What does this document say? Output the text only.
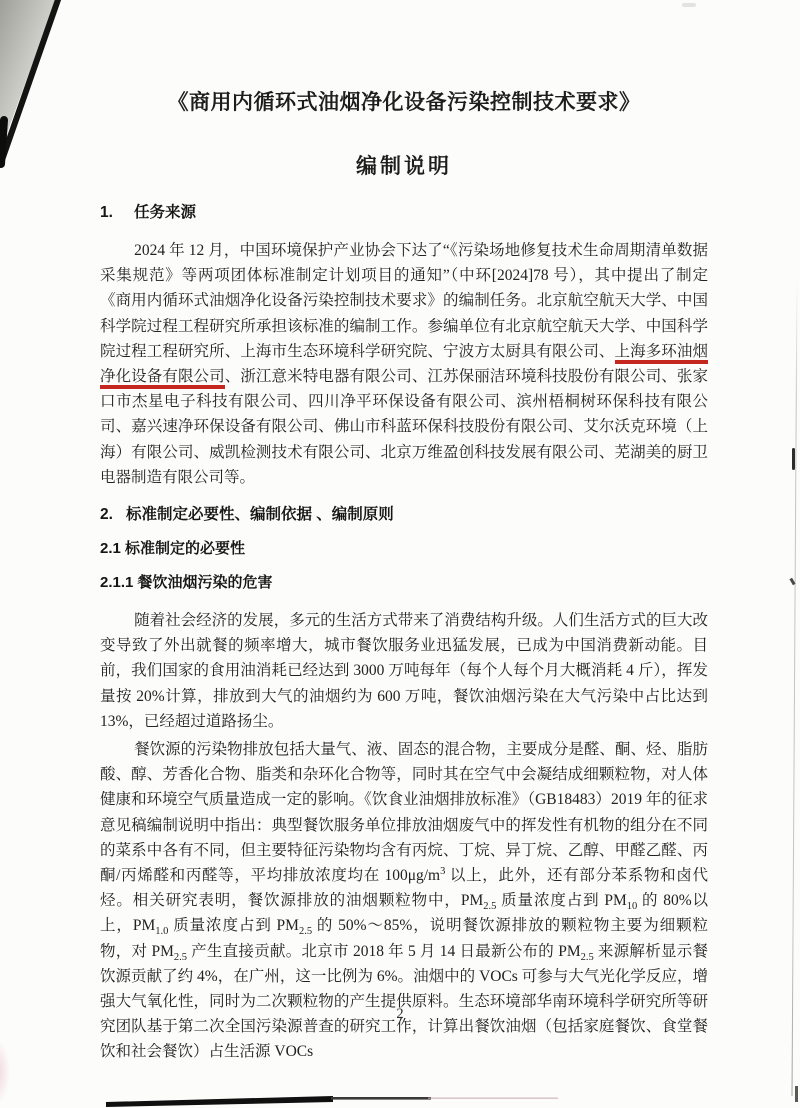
《商用内循环式油烟净化设备污染控制技术要求》
编制说明
1. 任务来源

2024 年 12 月，中国环境保护产业协会下达了“《污染场地修复技术生命周期清单数据采集规范》等两项团体标准制定计划项目的通知”（中环[2024]78 号），其中提出了制定《商用内循环式油烟净化设备污染控制技术要求》的编制任务。北京航空航天大学、中国科学院过程工程研究所承担该标准的编制工作。参编单位有北京航空航天大学、中国科学院过程工程研究所、上海市生态环境科学研究院、宁波方太厨具有限公司、上海多环油烟净化设备有限公司、浙江意米特电器有限公司、江苏保丽洁环境科技股份有限公司、张家口市杰星电子科技有限公司、四川净平环保设备有限公司、滨州梧桐树环保科技有限公司、嘉兴速净环保设备有限公司、佛山市科蓝环保科技股份有限公司、艾尔沃克环境（上海）有限公司、威凯检测技术有限公司、北京万维盈创科技发展有限公司、芜湖美的厨卫电器制造有限公司等。

2. 标准制定必要性、编制依据 、编制原则
2.1 标准制定的必要性
2.1.1 餐饮油烟污染的危害

随着社会经济的发展，多元的生活方式带来了消费结构升级。人们生活方式的巨大改变导致了外出就餐的频率增大，城市餐饮服务业迅猛发展，已成为中国消费新动能。目前，我们国家的食用油消耗已经达到 3000 万吨每年（每个人每个月大概消耗 4 斤），挥发量按 20%计算，排放到大气的油烟约为 600 万吨，餐饮油烟污染在大气污染中占比达到 13%，已经超过道路扬尘。

餐饮源的污染物排放包括大量气、液、固态的混合物，主要成分是醛、酮、烃、脂肪酸、醇、芳香化合物、脂类和杂环化合物等，同时其在空气中会凝结成细颗粒物，对人体健康和环境空气质量造成一定的影响。《饮食业油烟排放标准》（GB18483）2019 年的征求意见稿编制说明中指出：典型餐饮服务单位排放油烟废气中的挥发性有机物的组分在不同的菜系中各有不同，但主要特征污染物均含有丙烷、丁烷、异丁烷、乙醇、甲醛乙醛、丙酮/丙烯醛和丙醛等，平均排放浓度均在 $100\mu g/m^3$ 以上，此外，还有部分苯系物和卤代烃。相关研究表明，餐饮源排放的油烟颗粒物中，$PM_{2.5}$ 质量浓度占到 $PM_{10}$ 的 80%以上，$PM_{1.0}$ 质量浓度占到 $PM_{2.5}$ 的 50%～85%，说明餐饮源排放的颗粒物主要为细颗粒物，对 $PM_{2.5}$ 产生直接贡献。北京市 2018 年 5 月 14 日最新公布的 $PM_{2.5}$ 来源解析显示餐饮源贡献了约 4%，在广州，这一比例为 6%。油烟中的 VOCs 可参与大气光化学反应，增强大气氧化性，同时为二次颗粒物的产生提供原料。生态环境部华南环境科学研究所等研究团队基于第二次全国污染源普查的研究工作，计算出餐饮油烟（包括家庭餐饮、食堂餐饮和社会餐饮）占生活源 VOCs

2
